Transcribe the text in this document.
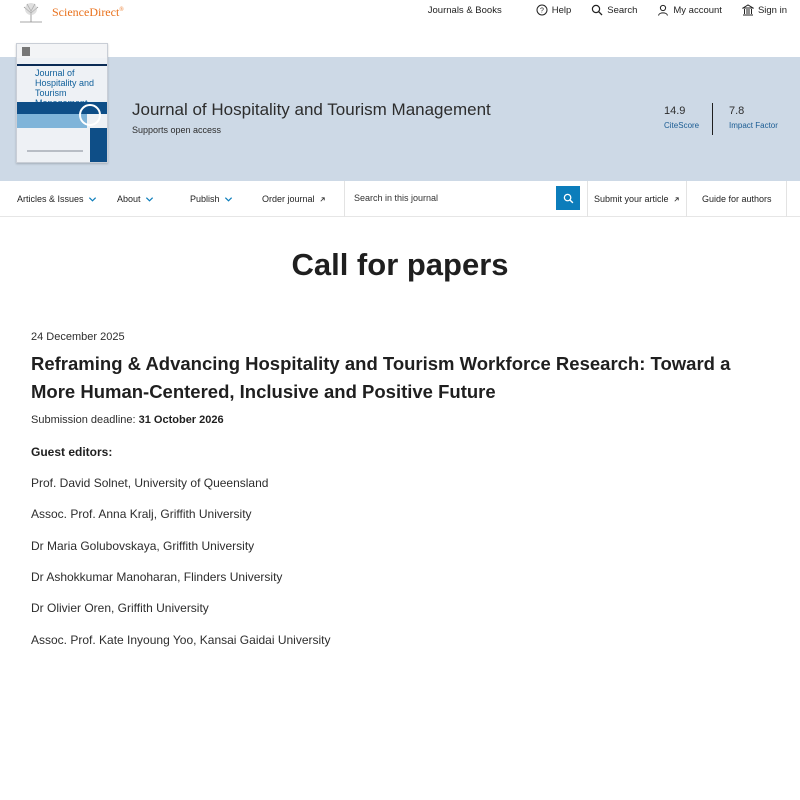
ScienceDirect®	Journals & Books	? Help	Search	My account	Sign in
Journal of Hospitality and Tourism
Journal of Hospitality and Tourism Management
Supports open access
14.9
CiteScore
7.8
Impact Factor
Articles & Issues	About	Publish	Order journal
Search in this journal	Submit your article	Guide for authors
Call for papers
24 December 2025
Reframing & Advancing Hospitality and Tourism Workforce Research: Toward a More Human-Centered, Inclusive and Positive Future
Submission deadline: 31 October 2026
Guest editors:
Prof. David Solnet, University of Queensland
Assoc. Prof. Anna Kralj, Griffith University
Dr Maria Golubovskaya, Griffith University
Dr Ashokkumar Manoharan, Flinders University
Dr Olivier Oren, Griffith University
Assoc. Prof. Kate Inyoung Yoo, Kansai Gaidai University
